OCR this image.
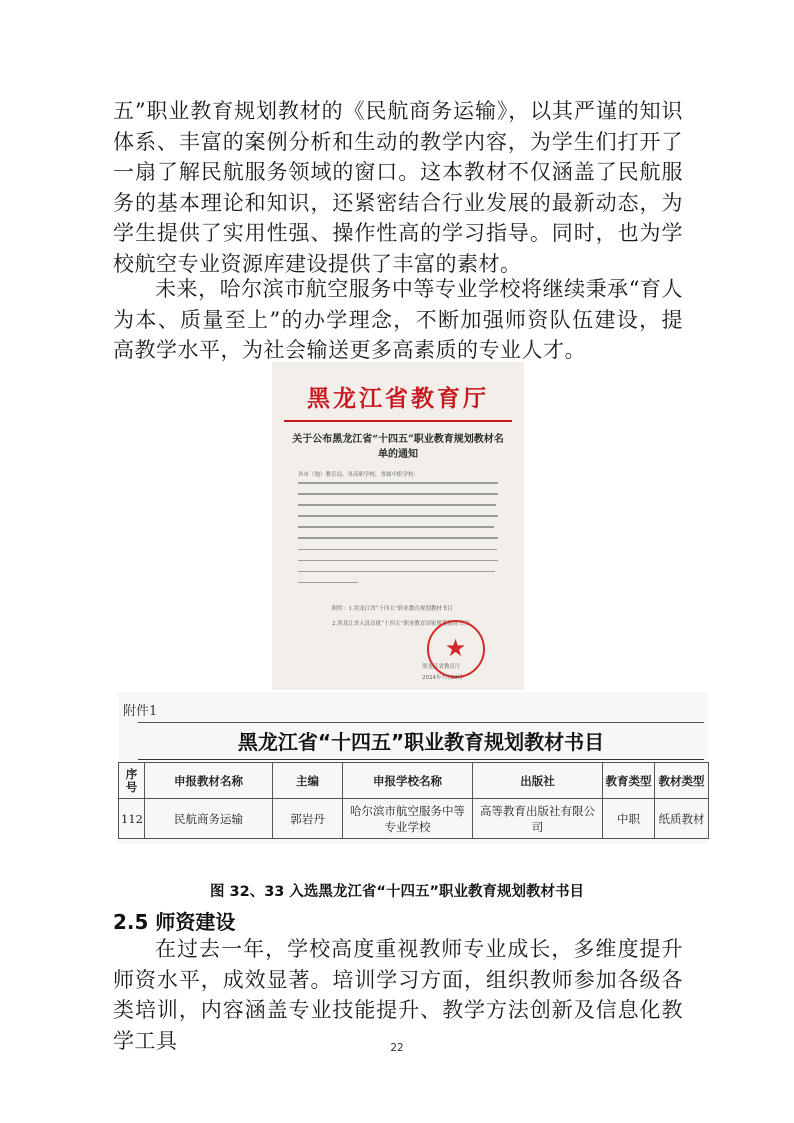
五”职业教育规划教材的《民航商务运输》，以其严谨的知识体系、丰富的案例分析和生动的教学内容，为学生们打开了一扇了解民航服务领域的窗口。这本教材不仅涵盖了民航服务的基本理论和知识，还紧密结合行业发展的最新动态，为学生提供了实用性强、操作性高的学习指导。同时，也为学校航空专业资源库建设提供了丰富的素材。

未来，哈尔滨市航空服务中等专业学校将继续秉承“育人为本、质量至上”的办学理念，不断加强师资队伍建设，提高教学水平，为社会输送更多高素质的专业人才。

黑龙江省教育厅
关于公布黑龙江省“十四五”职业教育规划教材名单的通知
各市（地）教育局，各高职学校，省属中职学校：
附件：1.黑龙江省“十四五”职业教育规划教材书目
2.黑龙江省入选首批“十四五”职业教育国家规划教材书目
★
黑龙江省教育厅
2024年7月23日
附件1
黑龙江省“十四五”职业教育规划教材书目
序号	申报教材名称	主编	申报学校名称	出版社	教育类型	教材类型
112	民航商务运输	郭岩丹	哈尔滨市航空服务中等专业学校	高等教育出版社有限公司	中职	纸质教材
图 32、33 入选黑龙江省“十四五”职业教育规划教材书目
2.5 师资建设

在过去一年，学校高度重视教师专业成长，多维度提升师资水平，成效显著。培训学习方面，组织教师参加各级各类培训，内容涵盖专业技能提升、教学方法创新及信息化教学工具	22
